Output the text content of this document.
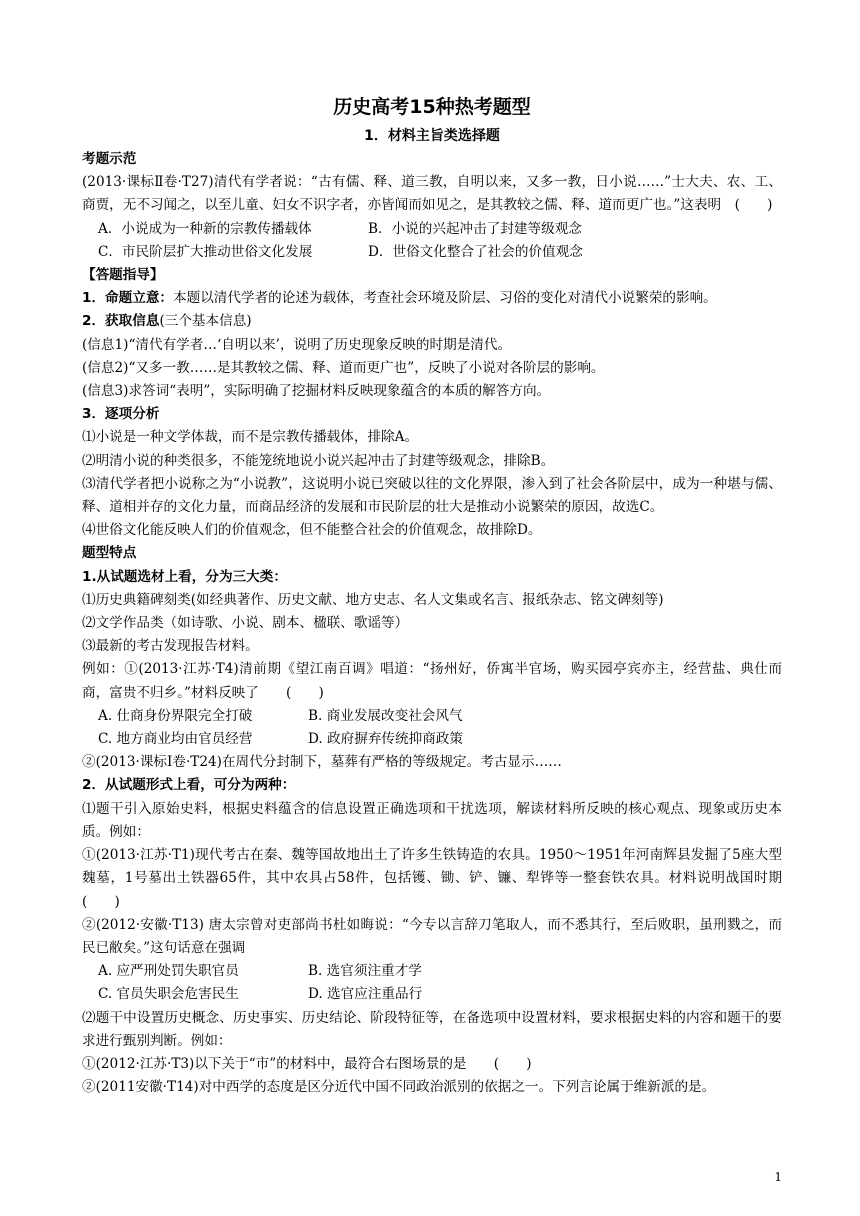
历史高考15种热考题型
1．材料主旨类选择题

考题示范

(2013·课标Ⅱ卷·T27)清代有学者说：“古有儒、释、道三教，自明以来，又多一教，日小说……”士大夫、农、工、商贾，无不习闻之，以至儿童、妇女不识字者，亦皆闻而如见之，是其教较之儒、释、道而更广也。”这表明　(　　)

A．小说成为一种新的宗教传播载体	B．小说的兴起冲击了封建等级观念
C．市民阶层扩大推动世俗文化发展	D．世俗文化整合了社会的价值观念

【答题指导】

1．命题立意：本题以清代学者的论述为载体，考查社会环境及阶层、习俗的变化对清代小说繁荣的影响。

2．获取信息(三个基本信息)

(信息1)“清代有学者…‘自明以来’，说明了历史现象反映的时期是清代。

(信息2)“又多一教……是其教较之儒、释、道而更广也”，反映了小说对各阶层的影响。

(信息3)求答词“表明”，实际明确了挖掘材料反映现象蕴含的本质的解答方向。

3．逐项分析

⑴小说是一种文学体裁，而不是宗教传播载体，排除A。

⑵明清小说的种类很多，不能笼统地说小说兴起冲击了封建等级观念，排除B。

⑶清代学者把小说称之为“小说教”，这说明小说已突破以往的文化界限，渗入到了社会各阶层中，成为一种堪与儒、释、道相并存的文化力量，而商品经济的发展和市民阶层的壮大是推动小说繁荣的原因，故选C。

⑷世俗文化能反映人们的价值观念，但不能整合社会的价值观念，故排除D。

题型特点

1.从试题选材上看，分为三大类：

⑴历史典籍碑刻类(如经典著作、历史文献、地方史志、名人文集或名言、报纸杂志、铭文碑刻等)

⑵文学作品类（如诗歌、小说、剧本、楹联、歌谣等）

⑶最新的考古发现报告材料。

例如：①(2013·江苏·T4)清前期《望江南百调》唱道：“扬州好，侨寓半官场，购买园亭宾亦主，经营盐、典仕而商，富贵不归乡。”材料反映了　　(　　)

A. 仕商身份界限完全打破	B. 商业发展改变社会风气
C. 地方商业均由官员经营	D. 政府摒弃传统抑商政策

②(2013·课标Ⅰ卷·T24)在周代分封制下，墓葬有严格的等级规定。考古显示……

2．从试题形式上看，可分为两种：

⑴题干引入原始史料，根据史料蕴含的信息设置正确选项和干扰选项，解读材料所反映的核心观点、现象或历史本质。例如：

①(2013·江苏·T1)现代考古在秦、魏等国故地出土了许多生铁铸造的农具。1950～1951年河南辉县发掘了5座大型魏墓，1号墓出土铁器65件，其中农具占58件，包括镬、锄、铲、镰、犁铧等一整套铁农具。材料说明战国时期　　(　　)

②(2012·安徽·T13) 唐太宗曾对吏部尚书杜如晦说：“今专以言辞刀笔取人，而不悉其行，至后败职，虽刑戮之，而民已敝矣。”这句话意在强调

A. 应严刑处罚失职官员	B. 选官须注重才学
C. 官员失职会危害民生	D. 选官应注重品行

⑵题干中设置历史概念、历史事实、历史结论、阶段特征等，在备选项中设置材料，要求根据史料的内容和题干的要求进行甄别判断。例如：

①(2012·江苏·T3)以下关于“市”的材料中，最符合右图场景的是　　(　　)

②(2011安徽·T14)对中西学的态度是区分近代中国不同政治派别的依据之一。下列言论属于维新派的是。

1
